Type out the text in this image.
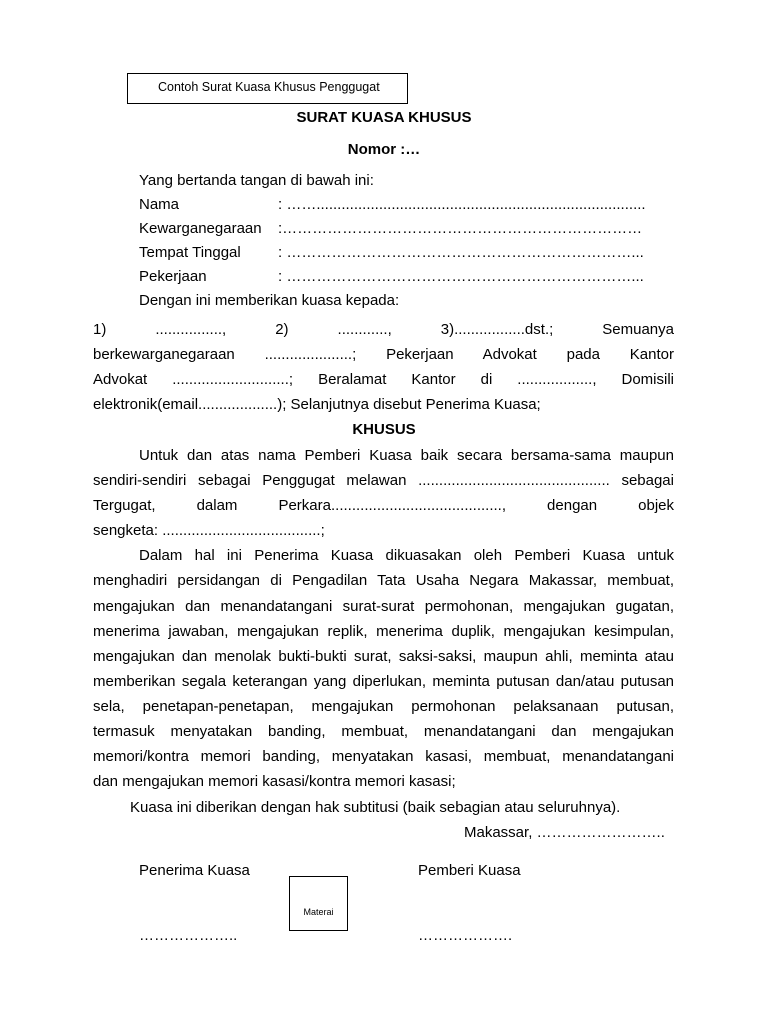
Contoh Surat Kuasa Khusus Penggugat
SURAT KUASA KHUSUS
Nomor :…
Yang bertanda tangan di bawah ini:
Nama	: ……...............................................................................
Kewarganegaraan :………………………………………………………………
Tempat Tinggal : ……………………………………………………………...
Pekerjaan	: ……………………………………………………………...
Dengan ini memberikan kuasa kepada:
1) ................, 2) ............, 3).................dst.; Semuanya
berkewarganegaraan .....................; Pekerjaan Advokat pada Kantor
Advokat ............................; Beralamat Kantor di .................., Domisili
elektronik(email...................); Selanjutnya disebut Penerima Kuasa;
KHUSUS
Untuk dan atas nama Pemberi Kuasa baik secara bersama-sama maupun
sendiri-sendiri sebagai Penggugat melawan .............................................. sebagai
Tergugat, dalam Perkara........................................., dengan objek
sengketa: ......................................;
Dalam hal ini Penerima Kuasa dikuasakan oleh Pemberi Kuasa untuk
menghadiri persidangan di Pengadilan Tata Usaha Negara Makassar, membuat,
mengajukan dan menandatangani surat-surat permohonan, mengajukan gugatan,
menerima jawaban, mengajukan replik, menerima duplik, mengajukan kesimpulan,
mengajukan dan menolak bukti-bukti surat, saksi-saksi, maupun ahli, meminta atau
memberikan segala keterangan yang diperlukan, meminta putusan dan/atau putusan
sela, penetapan-penetapan, mengajukan permohonan pelaksanaan putusan,
termasuk menyatakan banding, membuat, menandatangani dan mengajukan
memori/kontra memori banding, menyatakan kasasi, membuat, menandatangani
dan mengajukan memori kasasi/kontra memori kasasi;
Kuasa ini diberikan dengan hak subtitusi (baik sebagian atau seluruhnya).
Makassar, ……………………..
Penerima Kuasa	Pemberi Kuasa
Materai
………………..	……………….
